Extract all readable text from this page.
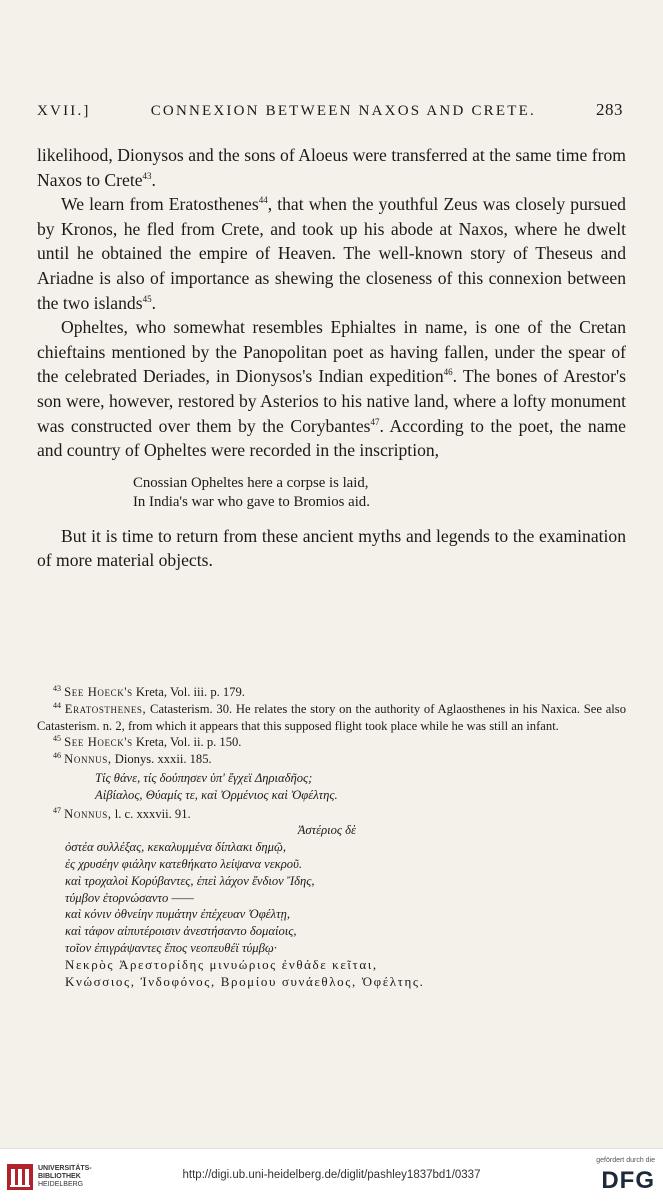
XVII.]	CONNEXION BETWEEN NAXOS AND CRETE.	283

likelihood, Dionysos and the sons of Aloeus were transferred at the same time from Naxos to Crete$^{43}$.

We learn from Eratosthenes$^{44}$, that when the youthful Zeus was closely pursued by Kronos, he fled from Crete, and took up his abode at Naxos, where he dwelt until he obtained the empire of Heaven. The well-known story of Theseus and Ariadne is also of importance as shewing the closeness of this connexion between the two islands$^{45}$.

Opheltes, who somewhat resembles Ephialtes in name, is one of the Cretan chieftains mentioned by the Panopolitan poet as having fallen, under the spear of the celebrated Deriades, in Dionysos's Indian expedition$^{46}$. The bones of Arestor's son were, however, restored by Asterios to his native land, where a lofty monument was constructed over them by the Corybantes$^{47}$. According to the poet, the name and country of Opheltes were recorded in the inscription,

Cnossian Opheltes here a corpse is laid,
In India's war who gave to Bromios aid.

But it is time to return from these ancient myths and legends to the examination of more material objects.

$^{43}$ See Hoeck's Kreta, Vol. iii. p. 179.

$^{44}$ Eratosthenes, Catasterism. 30. He relates the story on the authority of Aglaosthenes in his Naxica. See also Catasterism. n. 2, from which it appears that this supposed flight took place while he was still an infant.

$^{45}$ See Hoeck's Kreta, Vol. ii. p. 150.

$^{46}$ Nonnus, Dionys. xxxii. 185.

Τίς θάνε, τίς δούπησεν ὑπ' ἔγχεϊ Δηριαδῆος;
Αἰβίαλος, Θύαμίς τε, καὶ Ὀρμένιος καὶ Ὀφέλτης.

$^{47}$ Nonnus, l. c. xxxvii. 91.

Ἀστέριος δὲ
ὀστέα συλλέξας, κεκαλυμμένα δίπλακι δημῷ,
ἐς χρυσέην φιάλην κατεθήκατο λείψανα νεκροῦ.
καὶ τροχαλοὶ Κορύβαντες, ἐπεὶ λάχον ἔνδιον Ἴδης,
τύμβον ἐτορνώσαντο ——
καὶ κόνιν ὀθνείην πυμάτην ἐπέχευαν Ὀφέλτῃ,
καὶ τάφον αἰπυτέροισιν ἀνεστήσαντο δομαίοις,
τοῖον ἐπιγράψαντες ἔπος νεοπευθέϊ τύμβῳ·
Νεκρὸς Ἀρεστορίδης μινυώριος ἐνθάδε κεῖται,
Κνώσσιος, Ἰνδοφόνος, Βρομίου συνάεθλος, Ὀφέλτης.
UNIVERSITÄTS-
BIBLIOTHEK
HEIDELBERG
http://digi.ub.uni-heidelberg.de/diglit/pashley1837bd1/0337
gefördert durch die
DFG
